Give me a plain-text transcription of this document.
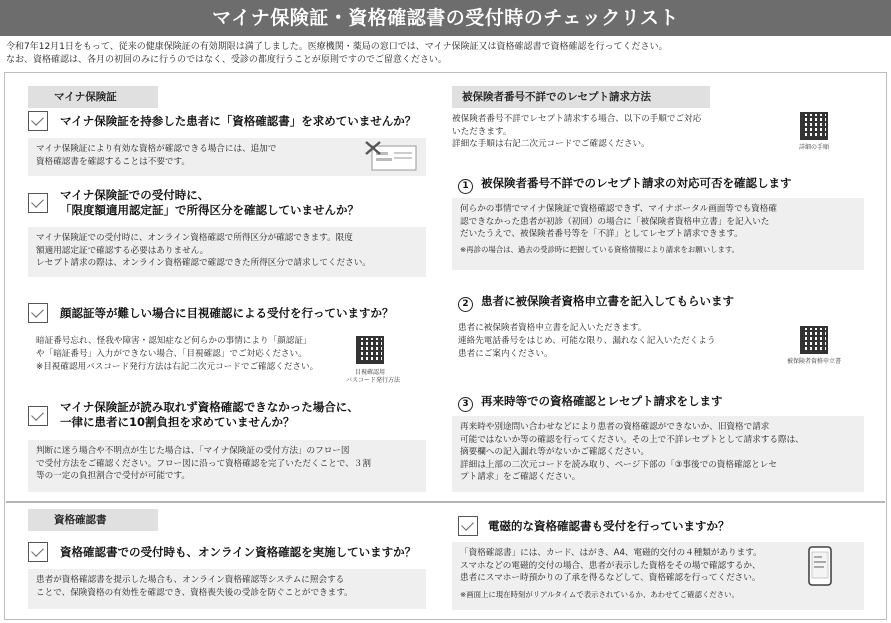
マイナ保険証・資格確認書の受付時のチェックリスト
令和7年12月1日をもって、従来の健康保険証の有効期限は満了しました。医療機関・薬局の窓口では、マイナ保険証又は資格確認書で資格確認を行ってください。
なお、資格確認は、各月の初回のみに行うのではなく、受診の都度行うことが原則ですのでご留意ください。
マイナ保険証
マイナ保険証を持参した患者に「資格確認書」を求めていませんか？
マイナ保険証により有効な資格が確認できる場合には、追加で
資格確認書を確認することは不要です。
マイナ保険証での受付時に、
「限度額適用認定証」で所得区分を確認していませんか？
マイナ保険証での受付時に、オンライン資格確認で所得区分が確認できます。限度
額適用認定証で確認する必要はありません。
レセプト請求の際は、オンライン資格確認で確認できた所得区分で請求してください。
顔認証等が難しい場合に目視確認による受付を行っていますか？
暗証番号忘れ、怪我や障害・認知症など何らかの事情により「顔認証」
や「暗証番号」入力ができない場合、「目視確認」でご対応ください。
※目視確認用バスコード発行方法は右記二次元コードでご確認ください。
目視確認用
バスコード発行方法
マイナ保険証が読み取れず資格確認できなかった場合に、
一律に患者に10割負担を求めていませんか？
判断に迷う場合や不明点が生じた場合は、「マイナ保険証の受付方法」のフロー図
で受付方法をご確認ください。フロー図に沿って資格確認を完了いただくことで、３割
等の一定の負担割合で受付が可能です。
資格確認書
資格確認書での受付時も、オンライン資格確認を実施していますか？
患者が資格確認書を提示した場合も、オンライン資格確認等システムに照会する
ことで、保険資格の有効性を確認でき、資格喪失後の受診を防ぐことができます。
被保険者番号不詳でのレセプト請求方法
被保険者番号不詳でレセプト請求する場合、以下の手順でご対応
いただきます。
詳細な手順は右記二次元コードでご確認ください。	詳細の手順
1 被保険者番号不詳でのレセプト請求の対応可否を確認します
何らかの事情でマイナ保険証で資格確認できず、マイナポータル画面等でも資格確
認できなかった患者が初診（初回）の場合に「被保険者資格申立書」を記入いた
だいたうえで、被保険者番号等を「不詳」としてレセプト請求できます。
※再診の場合は、過去の受診時に把握している資格情報により請求をお願いします。
2 患者に被保険者資格申立書を記入してもらいます
患者に被保険者資格申立書を記入いただきます。
連絡先電話番号をはじめ、可能な限り、漏れなく記入いただくよう
患者にご案内ください。
被保険者資格申立書
3 再来時等での資格確認とレセプト請求をします
再来時や別途問い合わせなどにより患者の資格確認ができないか、旧資格で請求
可能ではないか等の確認を行ってください。その上で不詳レセプトとして請求する際は、
摘要欄への記入漏れ等がないかご確認ください。
詳細は上部の二次元コードを読み取り、ページ下部の「③事後での資格確認とレセ
プト請求」をご確認ください。
電磁的な資格確認書も受付を行っていますか？
「資格確認書」には、カード、はがき、A4、電磁的交付の４種類があります。
スマホなどの電磁的交付の場合、患者が表示した資格をその場で確認するか、
患者にスマホー時預かりの了承を得るなどして、資格確認を行ってください。
※画面上に現在時刻がリアルタイムで表示されているか、あわせてご確認ください。
